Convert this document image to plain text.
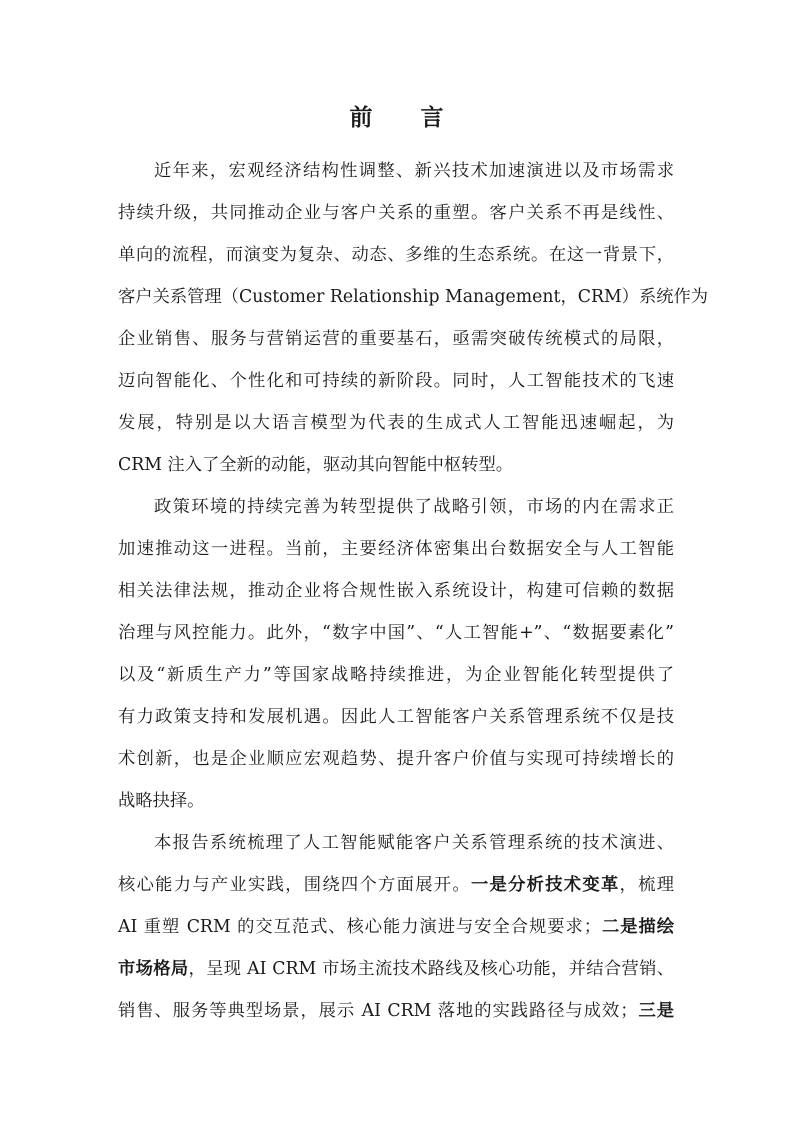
前 言
近年来，宏观经济结构性调整、新兴技术加速演进以及市场需求
持续升级，共同推动企业与客户关系的重塑。客户关系不再是线性、
单向的流程，而演变为复杂、动态、多维的生态系统。在这一背景下，
客户关系管理（Customer Relationship Management，CRM）系统作为
企业销售、服务与营销运营的重要基石，亟需突破传统模式的局限，
迈向智能化、个性化和可持续的新阶段。同时，人工智能技术的飞速
发展，特别是以大语言模型为代表的生成式人工智能迅速崛起，为
CRM 注入了全新的动能，驱动其向智能中枢转型。
政策环境的持续完善为转型提供了战略引领，市场的内在需求正
加速推动这一进程。当前，主要经济体密集出台数据安全与人工智能
相关法律法规，推动企业将合规性嵌入系统设计，构建可信赖的数据
治理与风控能力。此外，“数字中国”、“人工智能+”、“数据要素化”
以及“新质生产力”等国家战略持续推进，为企业智能化转型提供了
有力政策支持和发展机遇。因此人工智能客户关系管理系统不仅是技
术创新，也是企业顺应宏观趋势、提升客户价值与实现可持续增长的
战略抉择。
本报告系统梳理了人工智能赋能客户关系管理系统的技术演进、
核心能力与产业实践，围绕四个方面展开。一是分析技术变革，梳理
AI 重塑 CRM 的交互范式、核心能力演进与安全合规要求；二是描绘
市场格局，呈现 AI CRM 市场主流技术路线及核心功能，并结合营销、
销售、服务等典型场景，展示 AI CRM 落地的实践路径与成效；三是
